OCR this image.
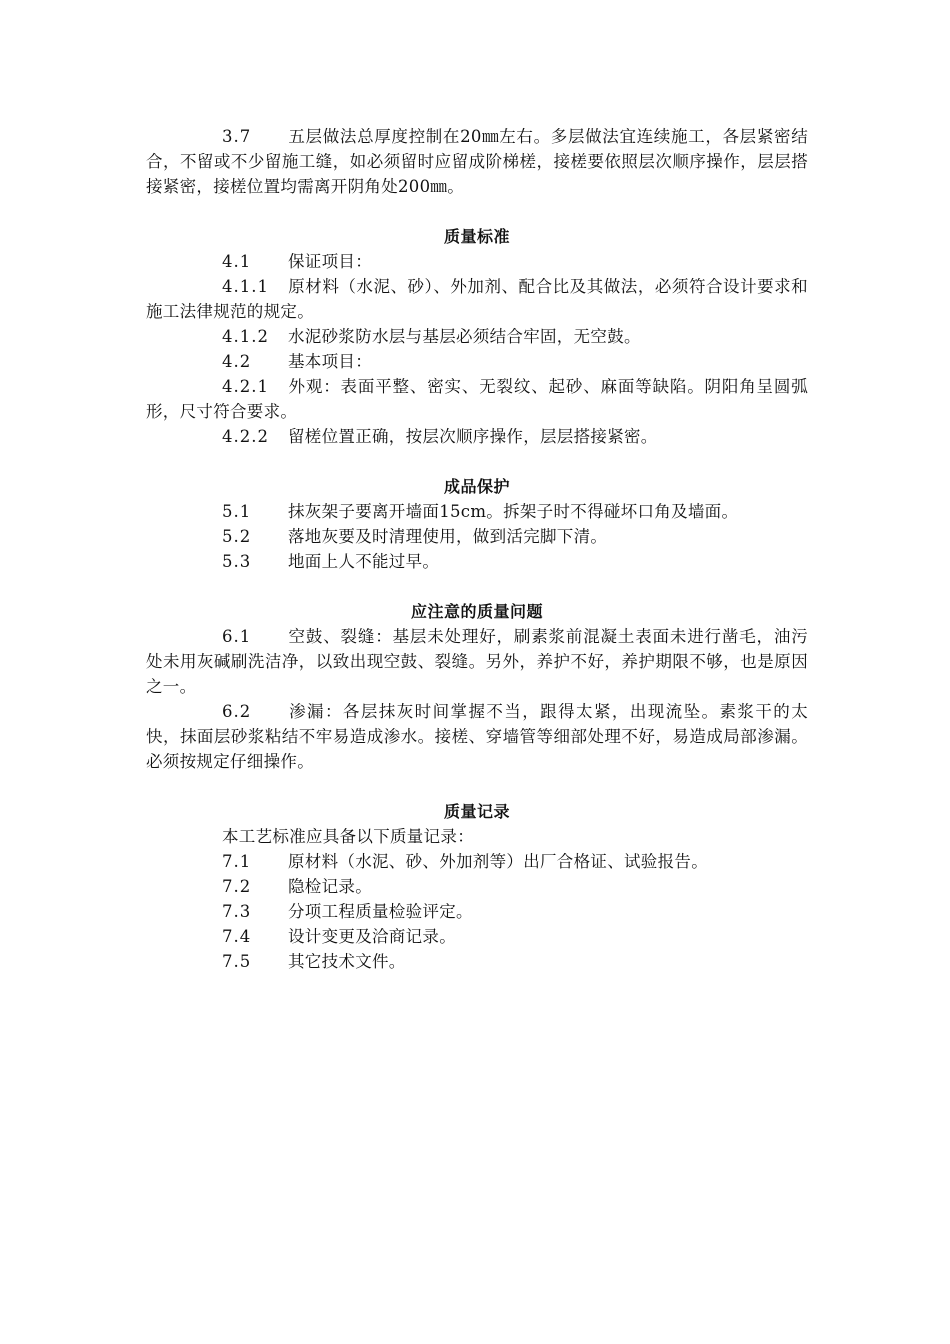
3.7 五层做法总厚度控制在20㎜左右。多层做法宜连续施工，各层紧密结合，不留或不少留施工缝，如必须留时应留成阶梯槎，接槎要依照层次顺序操作，层层搭接紧密，接槎位置均需离开阴角处200㎜。

质量标准

4.1	保证项目：

4.1.1 原材料（水泥、砂）、外加剂、配合比及其做法，必须符合设计要求和施工法律规范的规定。

4.1.2	水泥砂浆防水层与基层必须结合牢固，无空鼓。

4.2	基本项目：

4.2.1 外观：表面平整、密实、无裂纹、起砂、麻面等缺陷。阴阳角呈圆弧形，尺寸符合要求。

4.2.2	留槎位置正确，按层次顺序操作，层层搭接紧密。

成品保护

5.1	抹灰架子要离开墙面15cm。拆架子时不得碰坏口角及墙面。

5.2	落地灰要及时清理使用，做到活完脚下清。

5.3	地面上人不能过早。

应注意的质量问题

6.1 空鼓、裂缝：基层未处理好，刷素浆前混凝土表面未进行凿毛，油污处未用灰碱刷洗洁净，以致出现空鼓、裂缝。另外，养护不好，养护期限不够，也是原因之一。

6.2 渗漏：各层抹灰时间掌握不当，跟得太紧，出现流坠。素浆干的太快，抹面层砂浆粘结不牢易造成渗水。接槎、穿墙管等细部处理不好，易造成局部渗漏。必须按规定仔细操作。

质量记录

本工艺标准应具备以下质量记录：

7.1	原材料（水泥、砂、外加剂等）出厂合格证、试验报告。

7.2	隐检记录。

7.3	分项工程质量检验评定。

7.4	设计变更及洽商记录。

7.5	其它技术文件。
